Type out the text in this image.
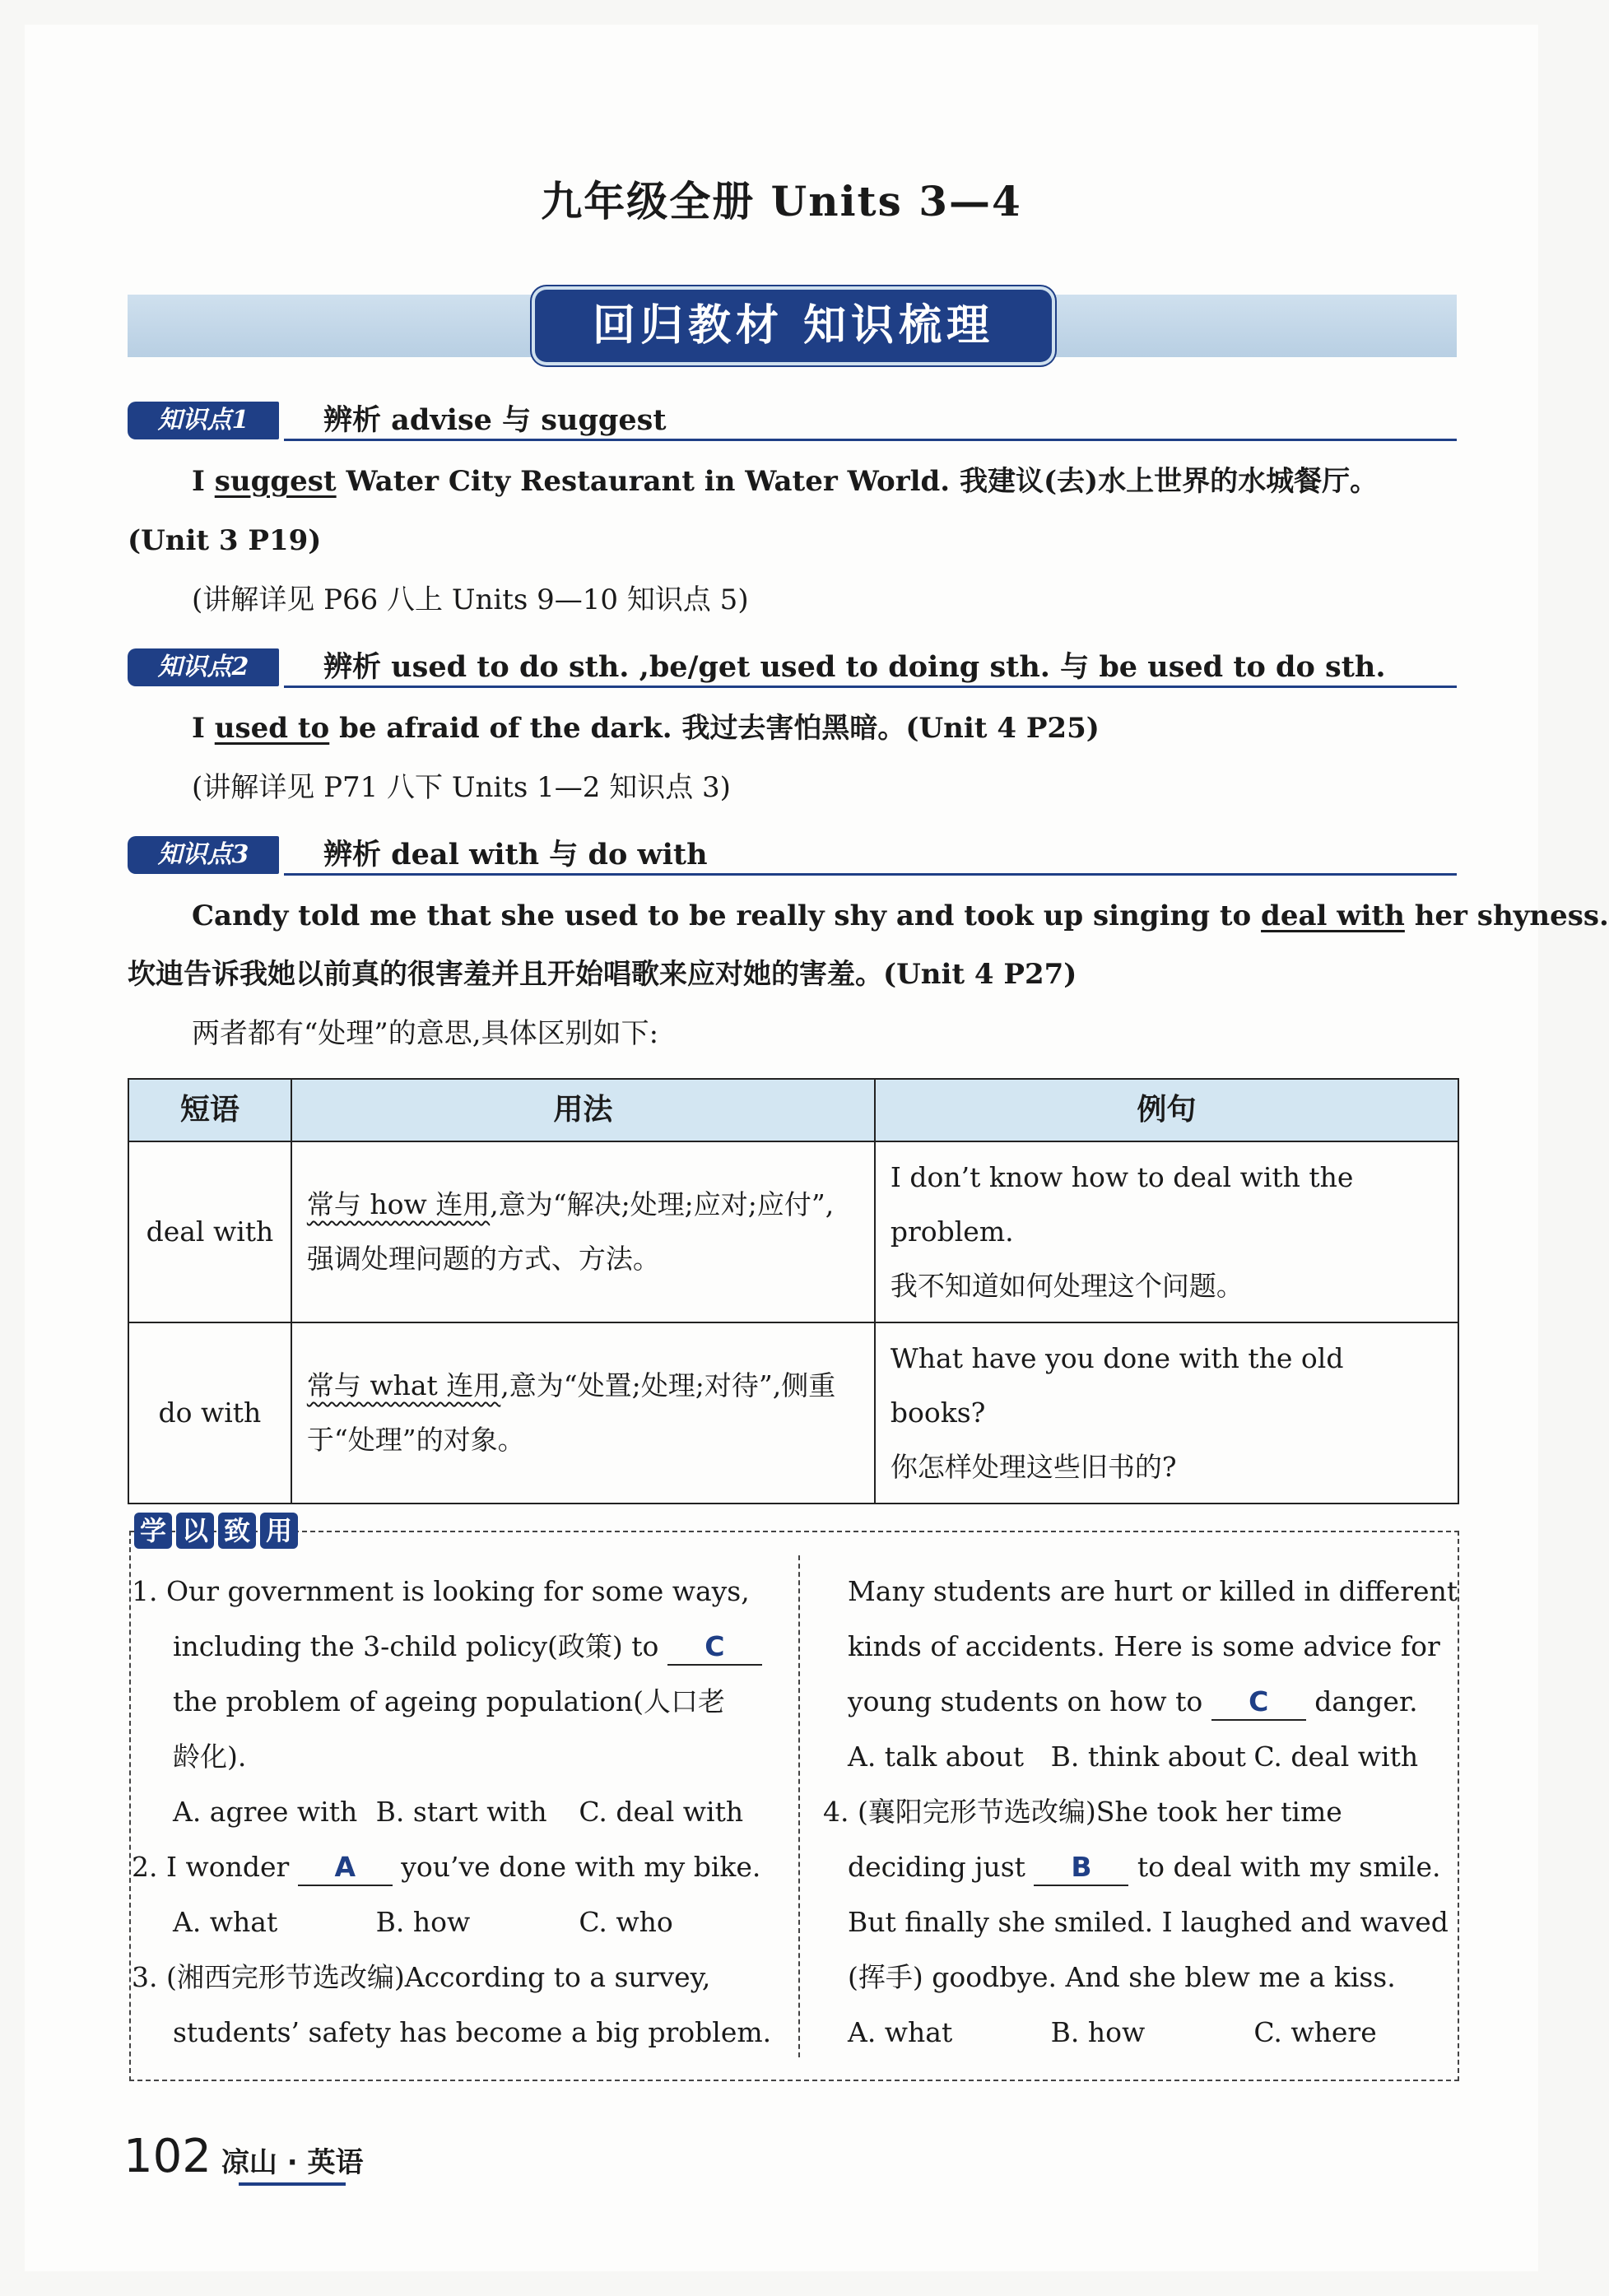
九年级全册 Units 3—4
回归教材 知识梳理
知识点1	辨析 advise 与 suggest
I suggest Water City Restaurant in Water World. 我建议(去)水上世界的水城餐厅。
(Unit 3 P19)
(讲解详见 P66 八上 Units 9—10 知识点 5)
知识点2	辨析 used to do sth. ,be/get used to doing sth. 与 be used to do sth.
I used to be afraid of the dark. 我过去害怕黑暗。(Unit 4 P25)
(讲解详见 P71 八下 Units 1—2 知识点 3)
知识点3	辨析 deal with 与 do with
Candy told me that she used to be really shy and took up singing to deal with her shyness.
坎迪告诉我她以前真的很害羞并且开始唱歌来应对她的害羞。(Unit 4 P27)
两者都有“处理”的意思,具体区别如下:
短语	用法	例句
deal with	常与 how 连用,意为“解决;处理;应对;应付”,强调处理问题的方式、方法。	I don’t know how to deal with the problem.
我不知道如何处理这个问题。

do with	常与 what 连用,意为“处置;处理;对待”,侧重于“处理”的对象。	What have you done with the old books?
你怎样处理这些旧书的?
学 以 致 用
1. Our government is looking for some ways,
including the 3-child policy(政策) to C
the problem of ageing population(人口老
龄化).
A. agree with B. start with	C. deal with
2. I wonder A you’ve done with my bike.
A. what	B. how	C. who
3. (湘西完形节选改编)According to a survey,
students’ safety has become a big problem.
Many students are hurt or killed in different
kinds of accidents. Here is some advice for
young students on how to C danger.
A. talk about B. think about C. deal with
4. (襄阳完形节选改编)She took her time
deciding just B to deal with my smile.
But finally she smiled. I laughed and waved
(挥手) goodbye. And she blew me a kiss.
A. what	B. how	C. where
102 凉山 · 英语
